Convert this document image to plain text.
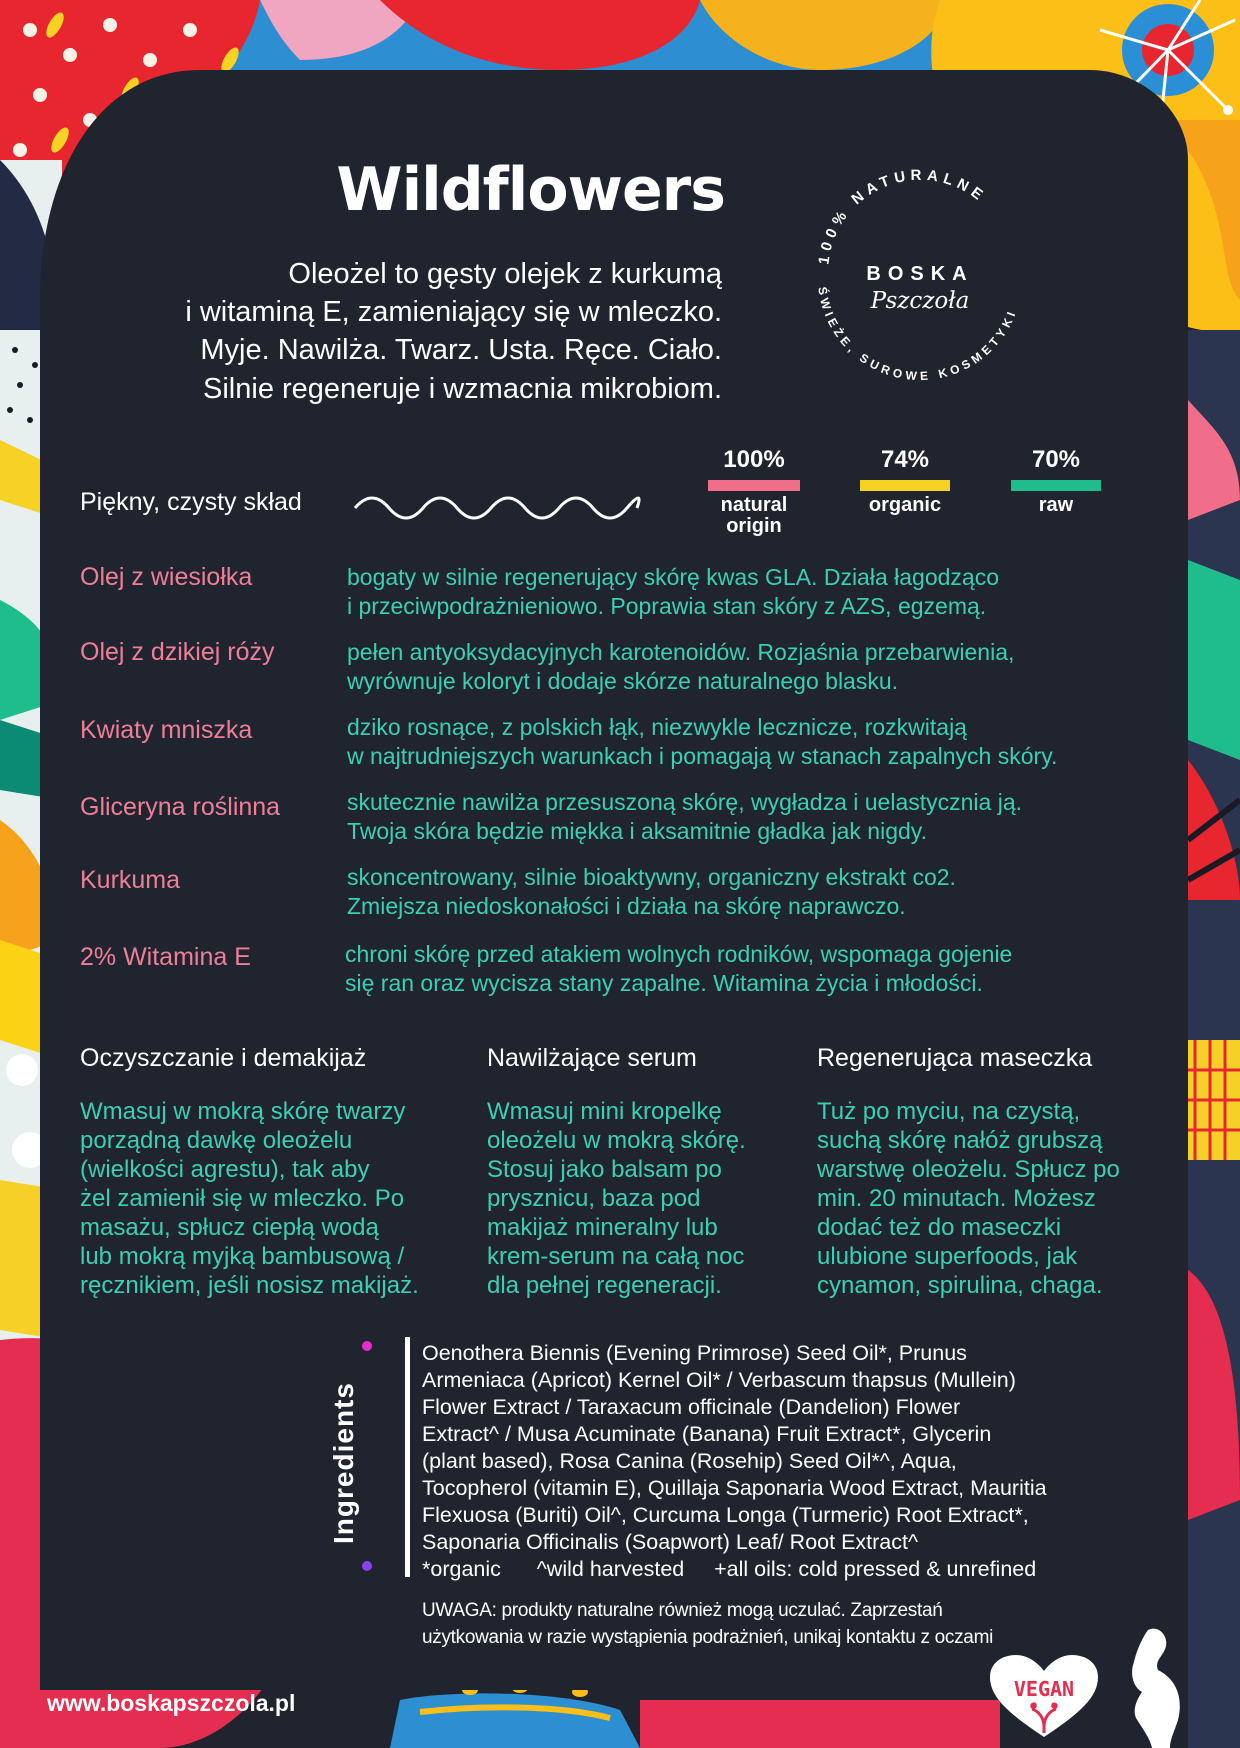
Wildflowers
Oleożel to gęsty olejek z kurkumą
i witaminą E, zamieniający się w mleczko.
Myje. Nawilża. Twarz. Usta. Ręce. Ciało.
Silnie regeneruje i wzmacnia mikrobiom.
100% NATURALNE
ŚWIEŻE, SUROWE KOSMETYKI
BOSKA
Pszczoła
Piękny, czysty skład
100%
natural
origin
74%
organic
70%
raw
Olej z wiesiołka	bogaty w silnie regenerujący skórę kwas GLA. Działa łagodząco
i przeciwpodrażnieniowo. Poprawia stan skóry z AZS, egzemą.
Olej z dzikiej róży	pełen antyoksydacyjnych karotenoidów. Rozjaśnia przebarwienia,
wyrównuje koloryt i dodaje skórze naturalnego blasku.
Kwiaty mniszka	dziko rosnące, z polskich łąk, niezwykle lecznicze, rozkwitają
w najtrudniejszych warunkach i pomagają w stanach zapalnych skóry.
Gliceryna roślinna	skutecznie nawilża przesuszoną skórę, wygładza i uelastycznia ją.
Twoja skóra będzie miękka i aksamitnie gładka jak nigdy.
Kurkuma	skoncentrowany, silnie bioaktywny, organiczny ekstrakt co2.
Zmiejsza niedoskonałości i działa na skórę naprawczo.
2% Witamina E	chroni skórę przed atakiem wolnych rodników, wspomaga gojenie
się ran oraz wycisza stany zapalne. Witamina życia i młodości.
Oczyszczanie i demakijaż
Wmasuj w mokrą skórę twarzy
porządną dawkę oleożelu
(wielkości agrestu), tak aby
żel zamienił się w mleczko. Po
masażu, spłucz ciepłą wodą
lub mokrą myjką bambusową /
ręcznikiem, jeśli nosisz makijaż.
Nawilżające serum
Wmasuj mini kropelkę
oleożelu w mokrą skórę.
Stosuj jako balsam po
prysznicu, baza pod
makijaż mineralny lub
krem-serum na całą noc
dla pełnej regeneracji.
Regenerująca maseczka
Tuż po myciu, na czystą,
suchą skórę nałóż grubszą
warstwę oleożelu. Spłucz po
min. 20 minutach. Możesz
dodać też do maseczki
ulubione superfoods, jak
cynamon, spirulina, chaga.
Ingredients
Oenothera Biennis (Evening Primrose) Seed Oil*, Prunus
Armeniaca (Apricot) Kernel Oil* / Verbascum thapsus (Mullein)
Flower Extract / Taraxacum officinale (Dandelion) Flower
Extract^ / Musa Acuminate (Banana) Fruit Extract*, Glycerin
(plant based), Rosa Canina (Rosehip) Seed Oil*^, Aqua,
Tocopherol (vitamin E), Quillaja Saponaria Wood Extract, Mauritia
Flexuosa (Buriti) Oil^, Curcuma Longa (Turmeric) Root Extract*,
Saponaria Officinalis (Soapwort) Leaf/ Root Extract^
*organic      ^wild harvested     +all oils: cold pressed & unrefined
UWAGA: produkty naturalne również mogą uczulać. Zaprzestań
użytkowania w razie wystąpienia podrażnień, unikaj kontaktu z oczami
www.boskapszczola.pl
VEGAN
